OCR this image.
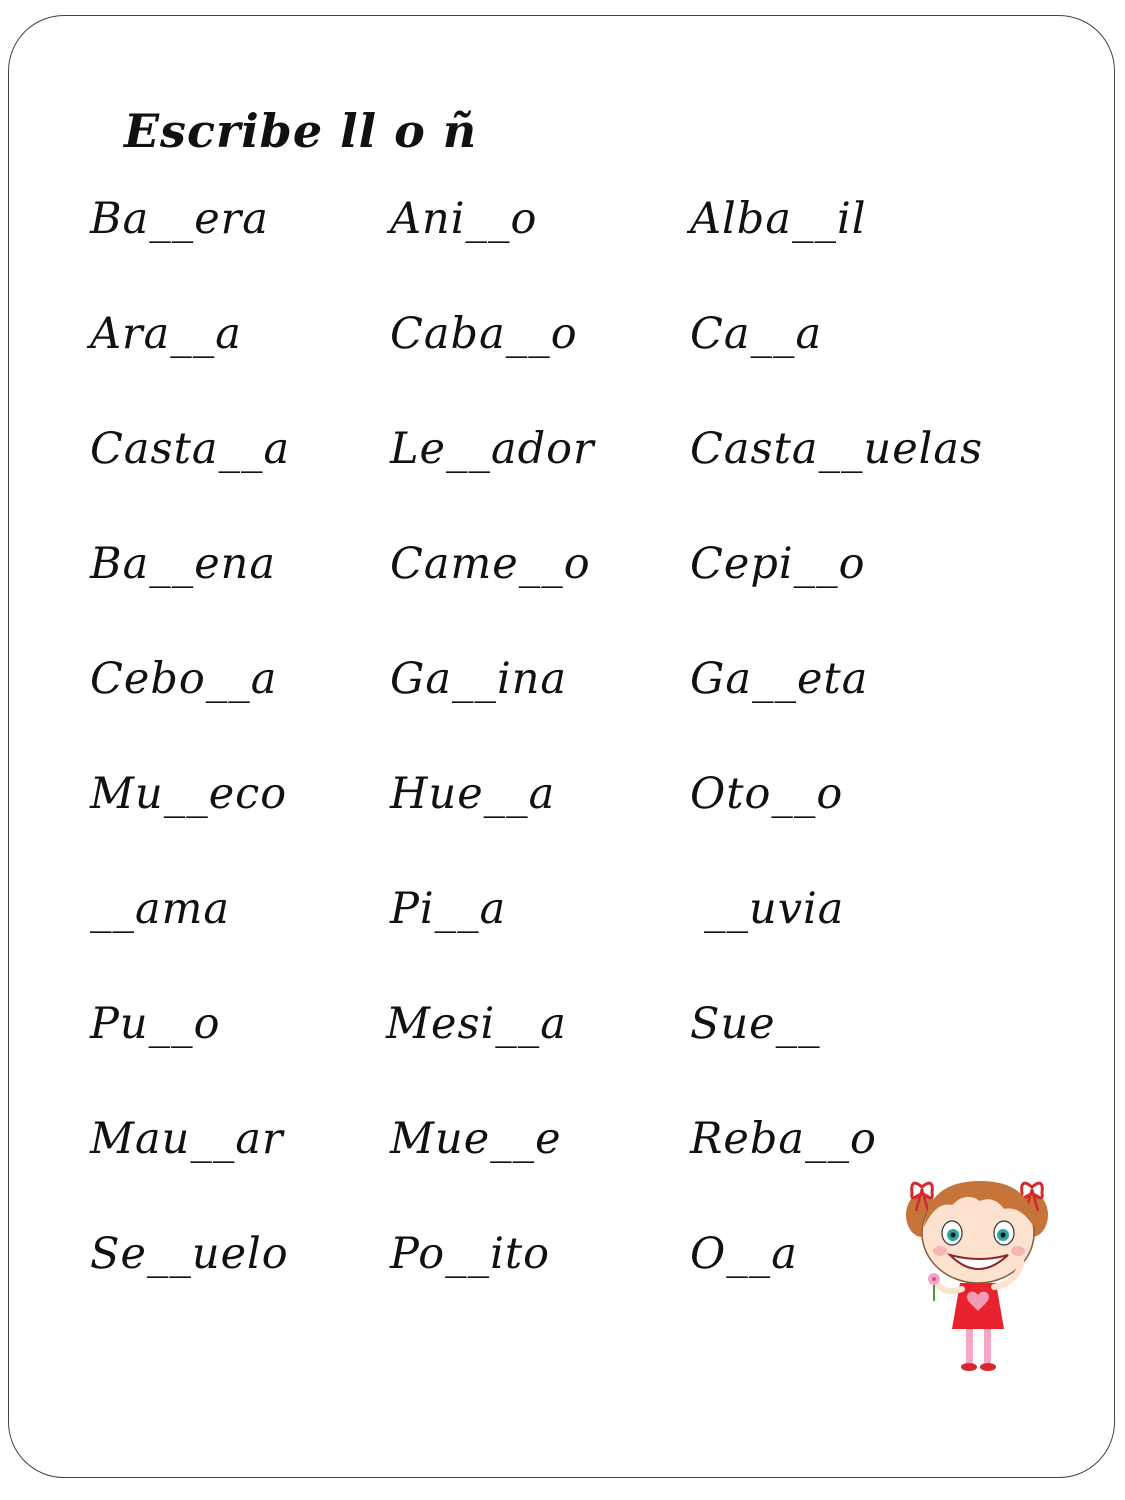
Escribe ll o ñ
Ba__era	Ani__o	Alba__il
Ara__a	Caba__o	Ca__a
Casta__a Le__ador Casta__uelas
Ba__ena	Came__o Cepi__o
Cebo__a	Ga__ina	Ga__eta
Mu__eco Hue__a	Oto__o
__ama	Pi__a	__uvia
Pu__o	Mesi__a	Sue__
Mau__ar Mue__e	Reba__o
Se__uelo Po__ito	O__a
